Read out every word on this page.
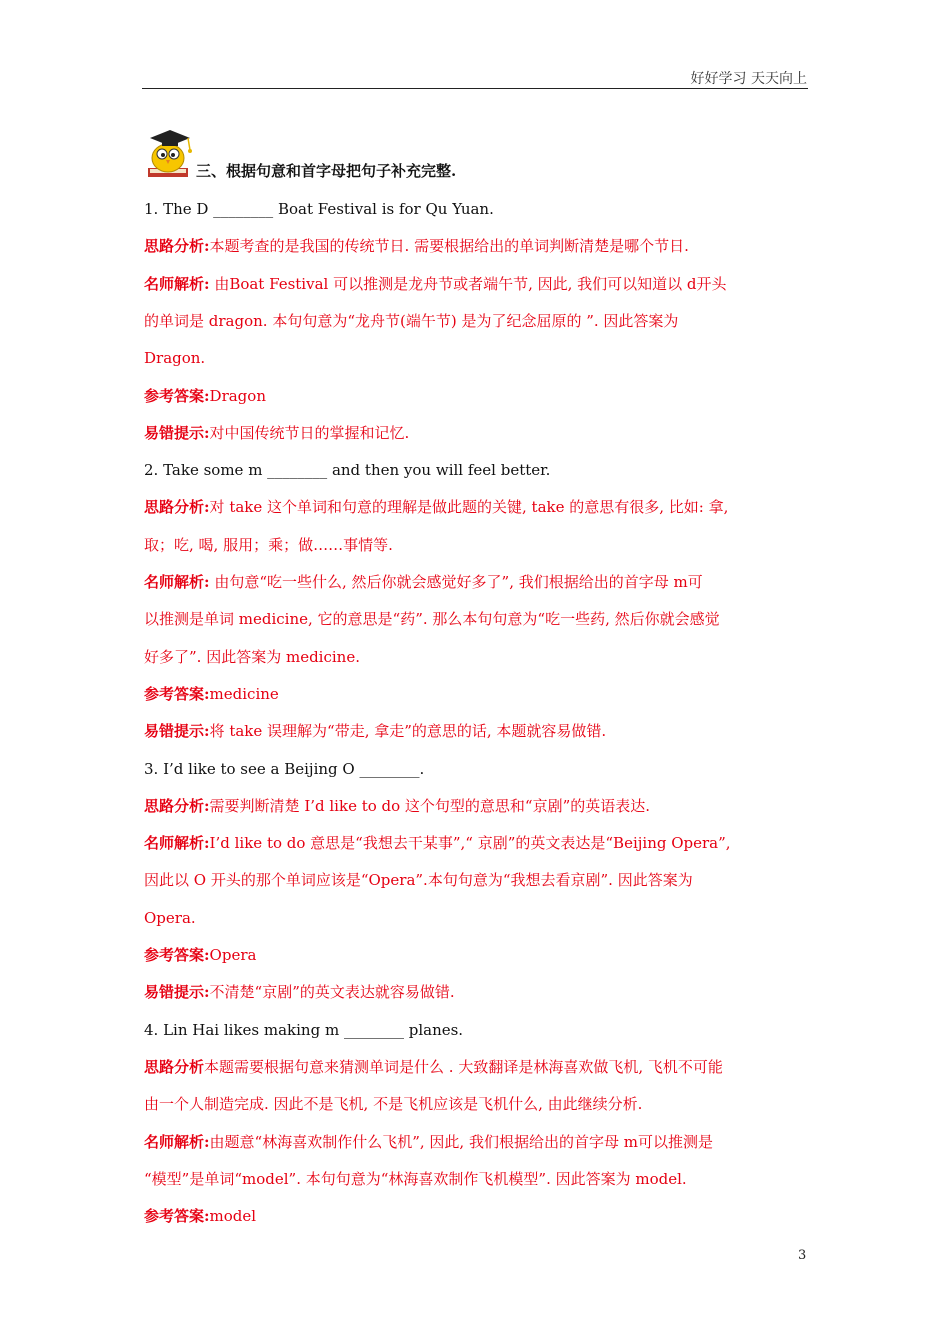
好好学习 天天向上
三、根据句意和首字母把句子补充完整.
1. The D ________ Boat Festival is for Qu Yuan.
思路分析:本题考查的是我国的传统节日. 需要根据给出的单词判断清楚是哪个节日.
名师解析: 由Boat Festival 可以推测是龙舟节或者端午节, 因此, 我们可以知道以 d开头
的单词是 dragon. 本句句意为“龙舟节(端午节) 是为了纪念屈原的 ”. 因此答案为
Dragon.
参考答案:Dragon
易错提示:对中国传统节日的掌握和记忆.
2. Take some m ________ and then you will feel better.
思路分析:对 take 这个单词和句意的理解是做此题的关键, take 的意思有很多, 比如: 拿,
取；吃, 喝, 服用；乘；做……事情等.
名师解析: 由句意“吃一些什么, 然后你就会感觉好多了”, 我们根据给出的首字母 m可
以推测是单词 medicine, 它的意思是“药”. 那么本句句意为“吃一些药, 然后你就会感觉
好多了”. 因此答案为 medicine.
参考答案:medicine
易错提示:将 take 误理解为“带走, 拿走”的意思的话, 本题就容易做错.
3. I’d like to see a Beijing O ________.
思路分析:需要判断清楚 I’d like to do 这个句型的意思和“京剧”的英语表达.
名师解析:I’d like to do 意思是“我想去干某事”,“ 京剧”的英文表达是“Beijing Opera”,
因此以 O 开头的那个单词应该是“Opera”.本句句意为“我想去看京剧”. 因此答案为
Opera.
参考答案:Opera
易错提示:不清楚“京剧”的英文表达就容易做错.
4. Lin Hai likes making m ________ planes.
思路分析本题需要根据句意来猜测单词是什么 . 大致翻译是林海喜欢做飞机, 飞机不可能
由一个人制造完成. 因此不是飞机, 不是飞机应该是飞机什么, 由此继续分析.
名师解析:由题意“林海喜欢制作什么飞机”, 因此, 我们根据给出的首字母 m可以推测是
“模型”是单词“model”. 本句句意为“林海喜欢制作飞机模型”. 因此答案为 model.
参考答案:model
3
